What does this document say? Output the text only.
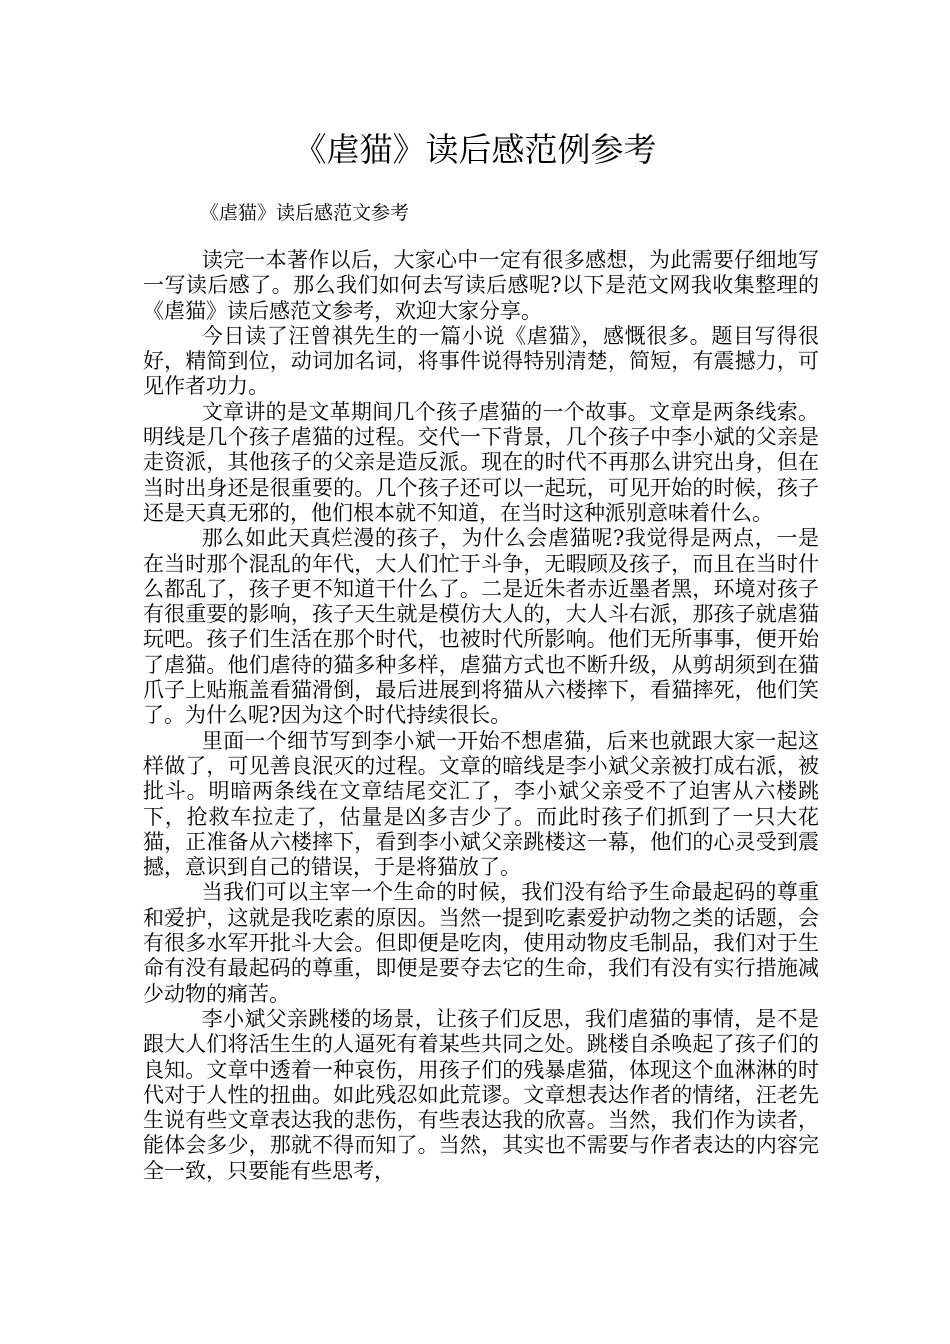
《虐猫》读后感范例参考
《虐猫》读后感范文参考

读完一本著作以后，大家心中一定有很多感想，为此需要仔细地写一写读后感了。那么我们如何去写读后感呢?以下是范文网我收集整理的《虐猫》读后感范文参考，欢迎大家分享。

今日读了汪曾祺先生的一篇小说《虐猫》，感慨很多。题目写得很好，精简到位，动词加名词，将事件说得特别清楚，简短，有震撼力，可见作者功力。

文章讲的是文革期间几个孩子虐猫的一个故事。文章是两条线索。明线是几个孩子虐猫的过程。交代一下背景，几个孩子中李小斌的父亲是走资派，其他孩子的父亲是造反派。现在的时代不再那么讲究出身，但在当时出身还是很重要的。几个孩子还可以一起玩，可见开始的时候，孩子还是天真无邪的，他们根本就不知道，在当时这种派别意味着什么。

那么如此天真烂漫的孩子，为什么会虐猫呢?我觉得是两点，一是在当时那个混乱的年代，大人们忙于斗争，无暇顾及孩子，而且在当时什么都乱了，孩子更不知道干什么了。二是近朱者赤近墨者黑，环境对孩子有很重要的影响，孩子天生就是模仿大人的，大人斗右派，那孩子就虐猫玩吧。孩子们生活在那个时代，也被时代所影响。他们无所事事，便开始了虐猫。他们虐待的猫多种多样，虐猫方式也不断升级，从剪胡须到在猫爪子上贴瓶盖看猫滑倒，最后进展到将猫从六楼摔下，看猫摔死，他们笑了。为什么呢?因为这个时代持续很长。

里面一个细节写到李小斌一开始不想虐猫，后来也就跟大家一起这样做了，可见善良泯灭的过程。文章的暗线是李小斌父亲被打成右派，被批斗。明暗两条线在文章结尾交汇了，李小斌父亲受不了迫害从六楼跳下，抢救车拉走了，估量是凶多吉少了。而此时孩子们抓到了一只大花猫，正准备从六楼摔下，看到李小斌父亲跳楼这一幕，他们的心灵受到震撼，意识到自己的错误，于是将猫放了。

当我们可以主宰一个生命的时候，我们没有给予生命最起码的尊重和爱护，这就是我吃素的原因。当然一提到吃素爱护动物之类的话题，会有很多水军开批斗大会。但即便是吃肉，使用动物皮毛制品，我们对于生命有没有最起码的尊重，即便是要夺去它的生命，我们有没有实行措施减少动物的痛苦。

李小斌父亲跳楼的场景，让孩子们反思，我们虐猫的事情，是不是跟大人们将活生生的人逼死有着某些共同之处。跳楼自杀唤起了孩子们的良知。文章中透着一种哀伤，用孩子们的残暴虐猫，体现这个血淋淋的时代对于人性的扭曲。如此残忍如此荒谬。文章想表达作者的情绪，汪老先生说有些文章表达我的悲伤，有些表达我的欣喜。当然，我们作为读者，能体会多少，那就不得而知了。当然，其实也不需要与作者表达的内容完全一致，只要能有些思考，
